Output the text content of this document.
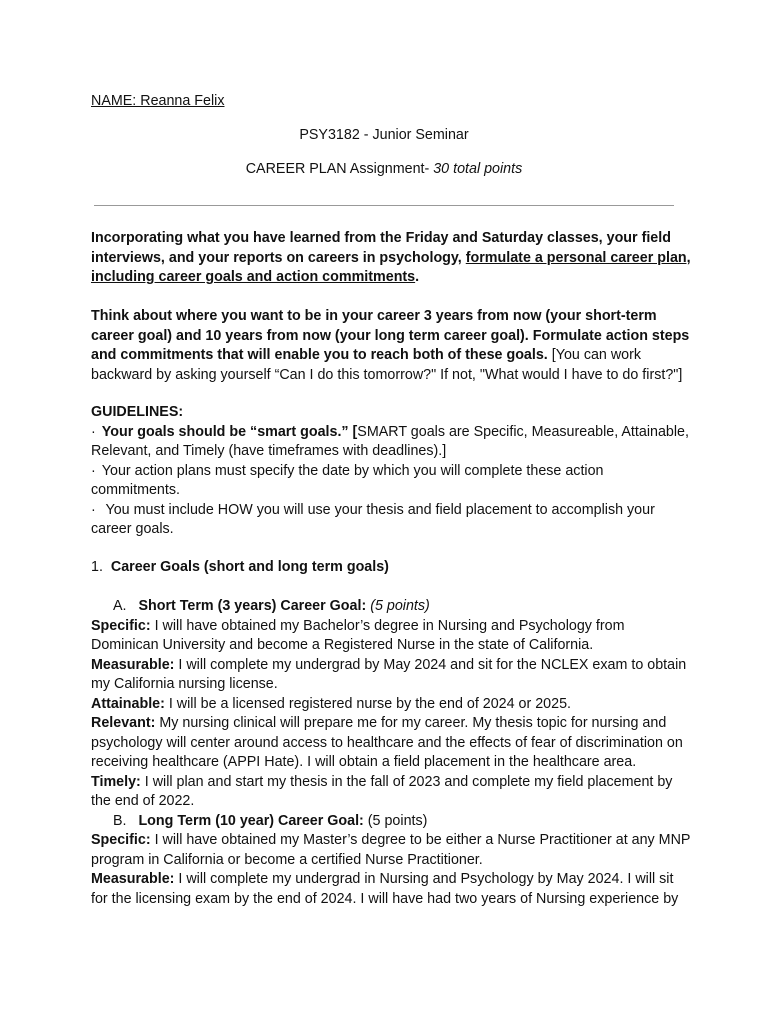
NAME: Reanna Felix
PSY3182 - Junior Seminar
CAREER PLAN Assignment- 30 total points

Incorporating what you have learned from the Friday and Saturday classes, your field interviews, and your reports on careers in psychology, formulate a personal career plan, including career goals and action commitments.

Think about where you want to be in your career 3 years from now (your short-term career goal) and 10 years from now (your long term career goal). Formulate action steps and commitments that will enable you to reach both of these goals. [You can work backward by asking yourself “Can I do this tomorrow?" If not, "What would I have to do first?"]

GUIDELINES:
· Your goals should be “smart goals.” [SMART goals are Specific, Measureable, Attainable, Relevant, and Timely (have timeframes with deadlines).]
· Your action plans must specify the date by which you will complete these action commitments.
· You must include HOW you will use your thesis and field placement to accomplish your career goals.
1. Career Goals (short and long term goals)
A. Short Term (3 years) Career Goal: (5 points)
Specific: I will have obtained my Bachelor’s degree in Nursing and Psychology from Dominican University and become a Registered Nurse in the state of California.
Measurable: I will complete my undergrad by May 2024 and sit for the NCLEX exam to obtain my California nursing license.
Attainable: I will be a licensed registered nurse by the end of 2024 or 2025.
Relevant: My nursing clinical will prepare me for my career. My thesis topic for nursing and psychology will center around access to healthcare and the effects of fear of discrimination on receiving healthcare (APPI Hate). I will obtain a field placement in the healthcare area.
Timely: I will plan and start my thesis in the fall of 2023 and complete my field placement by the end of 2022.
B. Long Term (10 year) Career Goal: (5 points)
Specific: I will have obtained my Master’s degree to be either a Nurse Practitioner at any MNP program in California or become a certified Nurse Practitioner.
Measurable: I will complete my undergrad in Nursing and Psychology by May 2024. I will sit for the licensing exam by the end of 2024. I will have had two years of Nursing experience by
